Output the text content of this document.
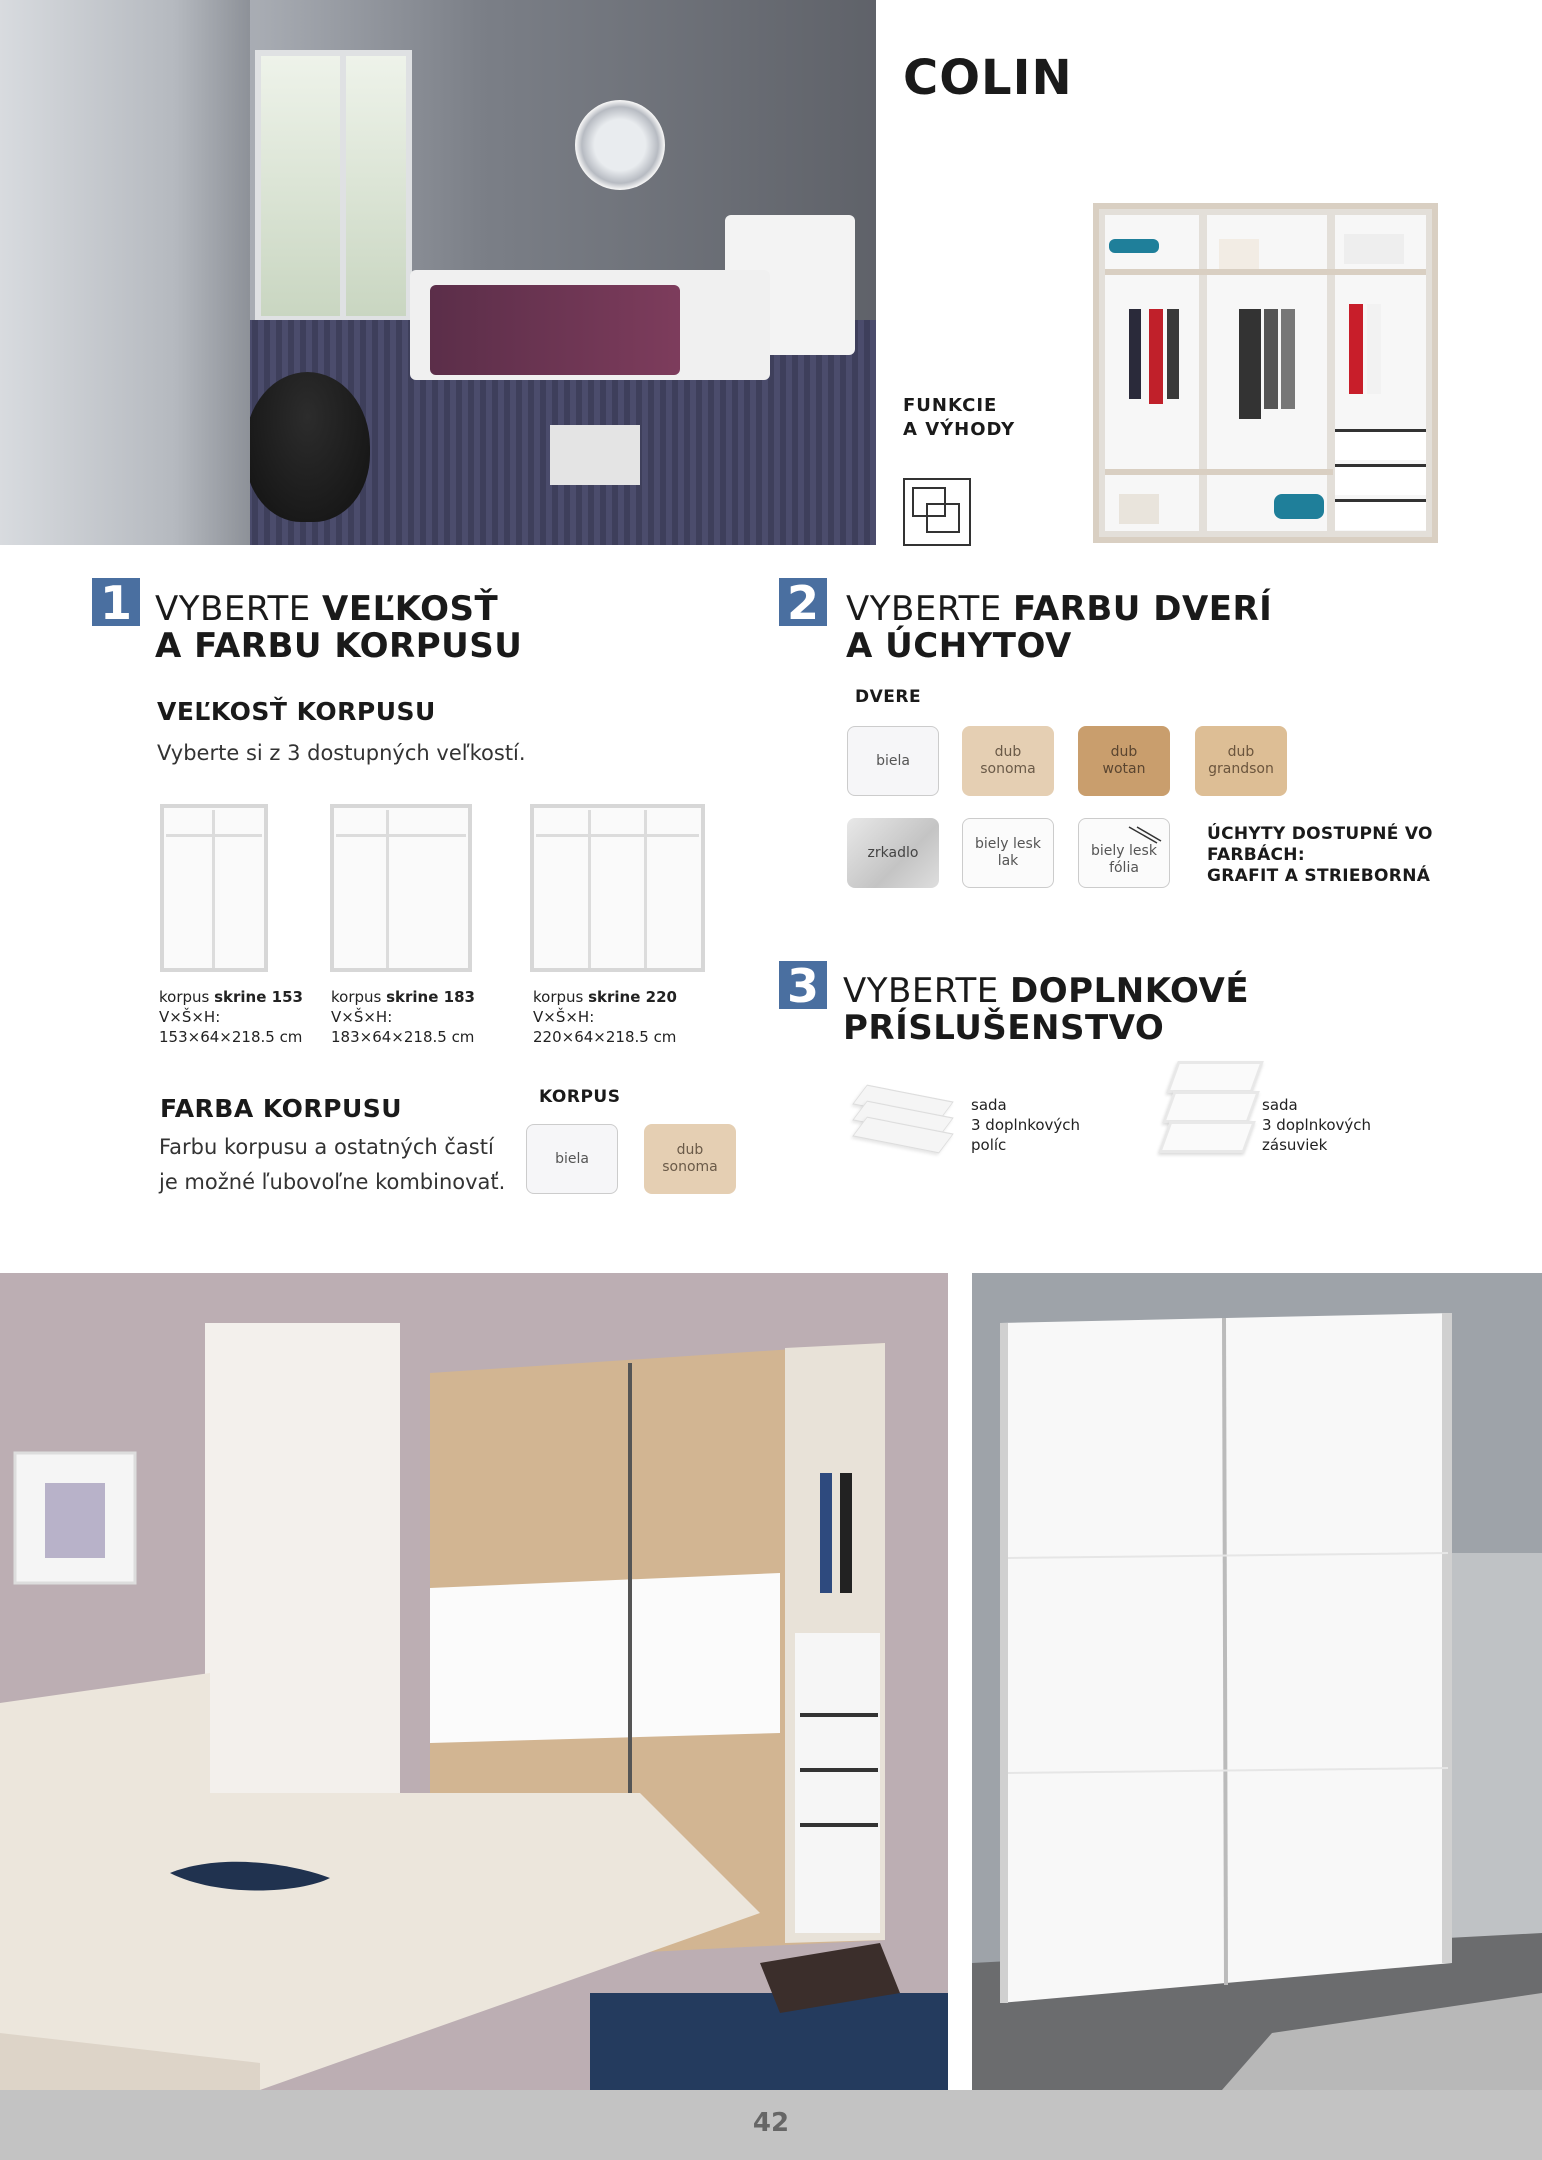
COLIN
FUNKCIE
A VÝHODY
1 VYBERTE VEĽKOSŤ
A FARBU KORPUSU
VEĽKOSŤ KORPUSU
Vyberte si z 3 dostupných veľkostí.
korpus skrine 153
V×Š×H:
153×64×218.5 cm
korpus skrine 183
V×Š×H:
183×64×218.5 cm
korpus skrine 220
V×Š×H:
220×64×218.5 cm
FARBA KORPUSU
Farbu korpusu a ostatných častí
je možné ľubovoľne kombinovať.
KORPUS
biela
dub
sonoma
2 VYBERTE FARBU DVERÍ
A ÚCHYTOV
DVERE
biela
dub
sonoma
dub
wotan
dub
grandson
zrkadlo
biely lesk
lak
biely lesk
fólia
ÚCHYTY DOSTUPNÉ VO
FARBÁCH:
GRAFIT A STRIEBORNÁ
3 VYBERTE DOPLNKOVÉ
PRÍSLUŠENSTVO
sada
3 doplnkových
políc
sada
3 doplnkových
zásuviek
42
